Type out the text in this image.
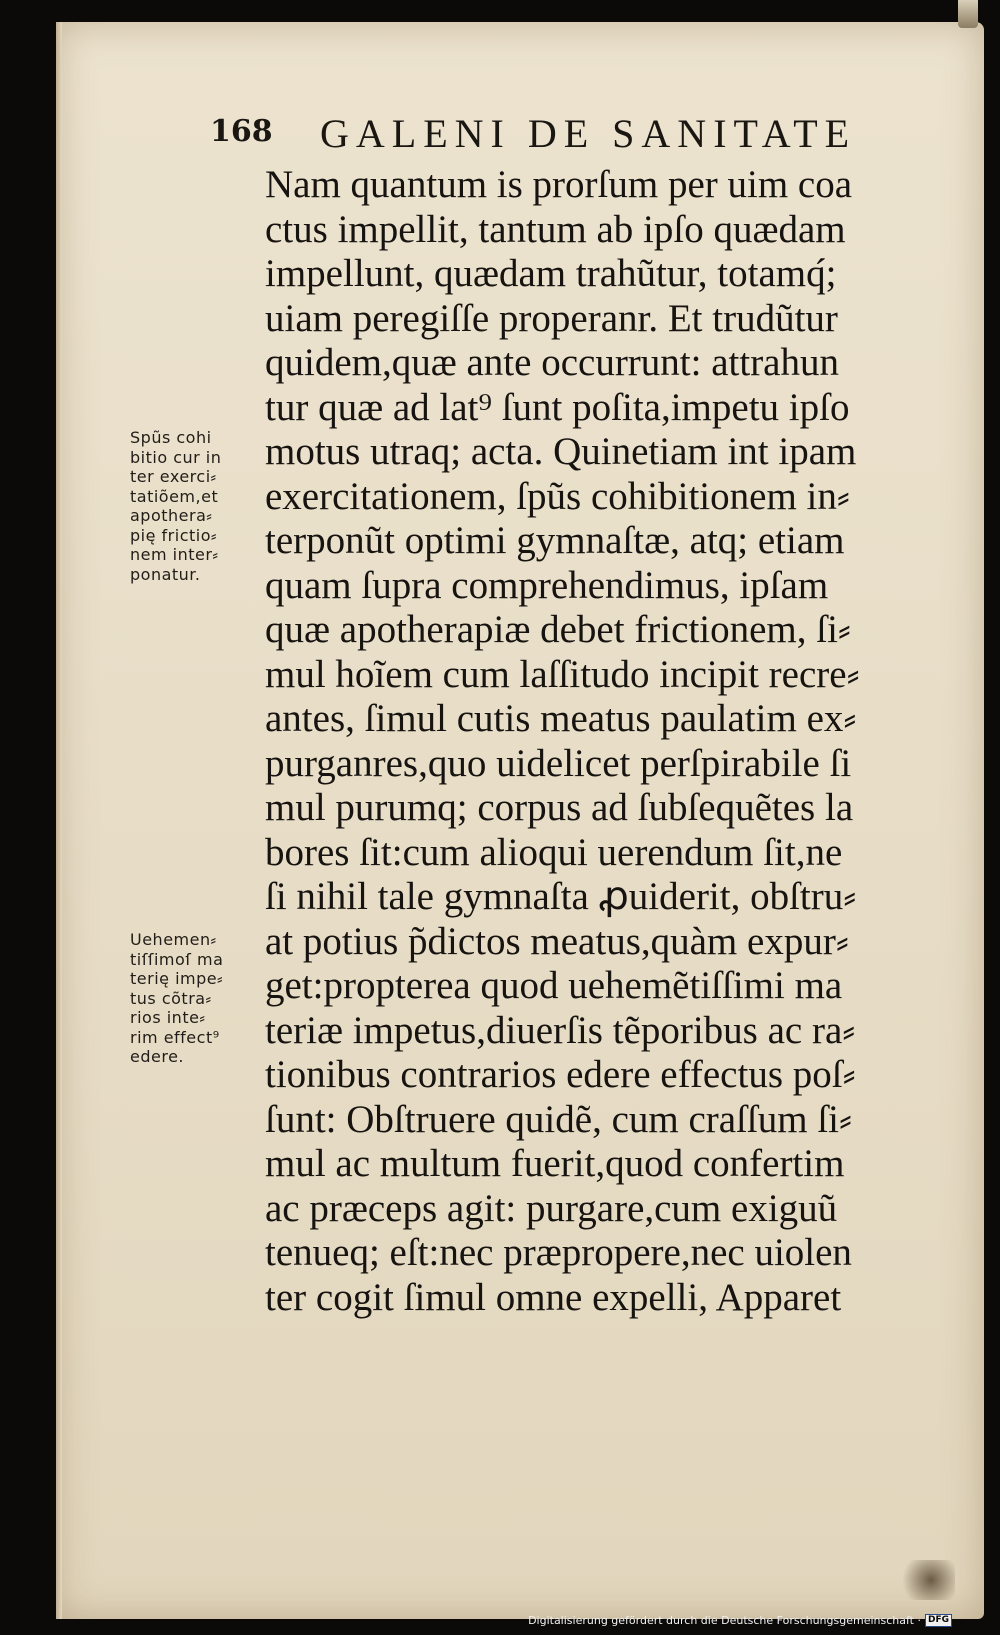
168 GALENI DE SANITATE
Spũs cohi
bitio cur in
ter exerci⸗
tatiõem,et
apothera⸗
pię frictio⸗
nem inter⸗
ponatur.
Uehemen⸗
tiſſimoſ ma
terię impe⸗
tus cõtra⸗
rios inte⸗
rim effect⁹
edere.
Nam quantum is prorſum per uim coa
ctus impellit, tantum ab ipſo quædam
impellunt, quædam trahũtur, totamq́;
uiam peregiſſe properanr. Et trudũtur
quidem,quæ ante occurrunt: attrahun
tur quæ ad lat⁹ ſunt poſita,impetu ipſo
motus utraq; acta. Quinetiam int ipam
exercitationem, ſpũs cohibitionem in⸗
terponũt optimi gymnaſtæ, atq; etiam
quam ſupra comprehendimus, ipſam
quæ apotherapiæ debet frictionem, ſi⸗
mul hoĩem cum laſſitudo incipit recre⸗
antes, ſimul cutis meatus paulatim ex⸗
purganres,quo uidelicet perſpirabile ſi
mul purumq; corpus ad ſubſequẽtes la
bores ſit:cum alioqui uerendum ſit,ne
ſi nihil tale gymnaſta ꝓuiderit, obſtru⸗
at potius p̃dictos meatus,quàm expur⸗
get:propterea quod uehemẽtiſſimi ma
teriæ impetus,diuerſis tẽporibus ac ra⸗
tionibus contrarios edere effectus poſ⸗
ſunt: Obſtruere quidẽ, cum craſſum ſi⸗
mul ac multum fuerit,quod confertim
ac præceps agit: purgare,cum exiguũ
tenueq; eſt:nec præpropere,nec uiolen
ter cogit ſimul omne expelli, Apparet
Digitalisierung gefördert durch die Deutsche Forschungsgemeinschaft · DFG
